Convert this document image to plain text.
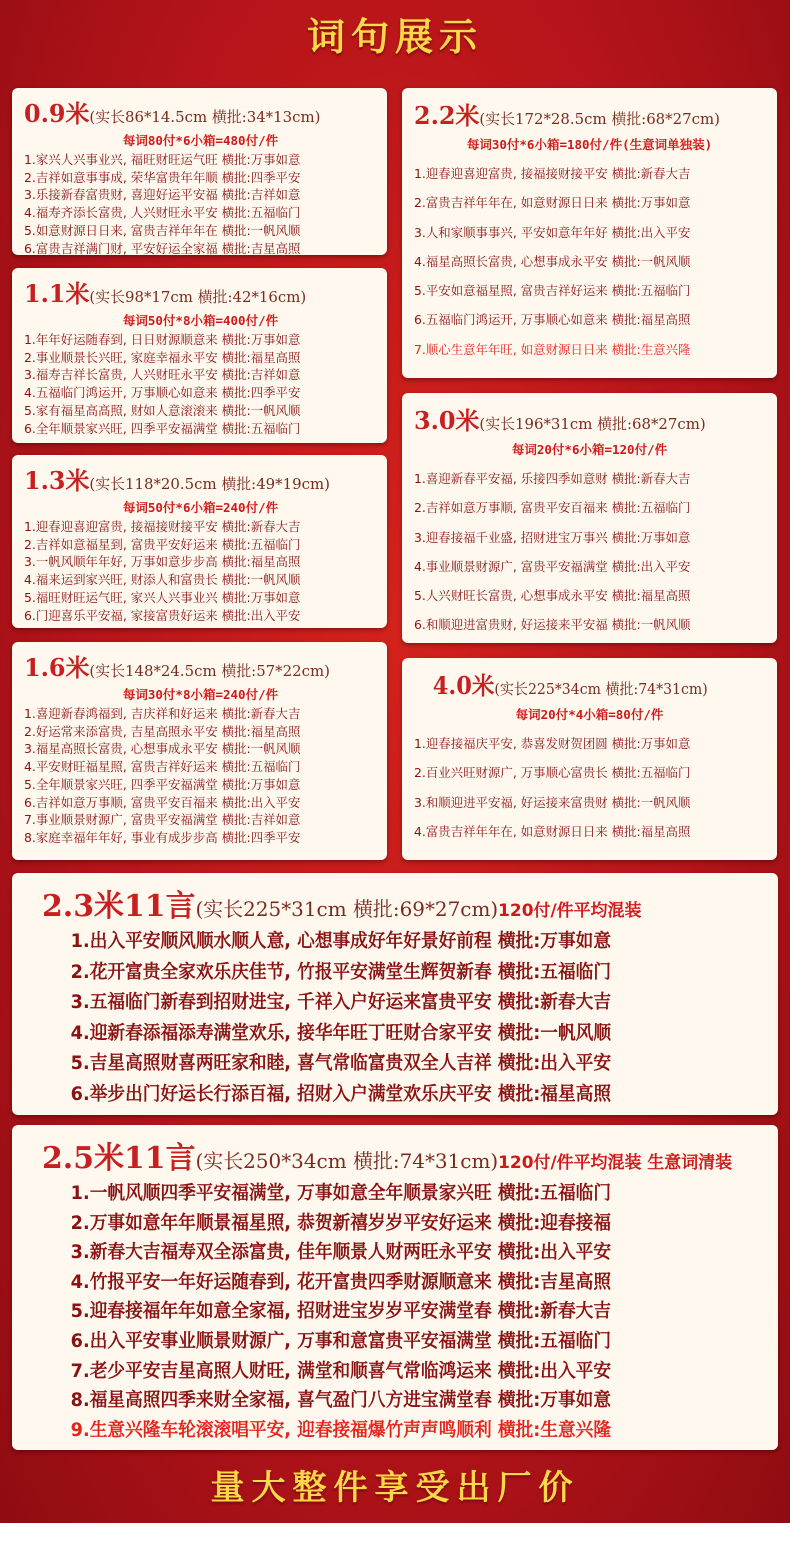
词句展示
0.9米(实长86*14.5cm 横批:34*13cm)
每词80付*6小箱=480付/件
1.家兴人兴事业兴, 福旺财旺运气旺 横批:万事如意
2.吉祥如意事事成, 荣华富贵年年顺 横批:四季平安
3.乐接新春富贵财, 喜迎好运平安福 横批:吉祥如意
4.福寿齐添长富贵, 人兴财旺永平安 横批:五福临门
5.如意财源日日来, 富贵吉祥年年在 横批:一帆风顺
6.富贵吉祥满门财, 平安好运全家福 横批:吉星高照
1.1米(实长98*17cm 横批:42*16cm)
每词50付*8小箱=400付/件
1.年年好运随春到, 日日财源顺意来 横批:万事如意
2.事业顺景长兴旺, 家庭幸福永平安 横批:福星高照
3.福寿吉祥长富贵, 人兴财旺永平安 横批:吉祥如意
4.五福临门鸿运开, 万事顺心如意来 横批:四季平安
5.家有福星高高照, 财如人意滚滚来 横批:一帆风顺
6.全年顺景家兴旺, 四季平安福满堂 横批:五福临门
1.3米(实长118*20.5cm 横批:49*19cm)
每词50付*6小箱=240付/件
1.迎春迎喜迎富贵, 接福接财接平安 横批:新春大吉
2.吉祥如意福星到, 富贵平安好运来 横批:五福临门
3.一帆风顺年年好, 万事如意步步高 横批:福星高照
4.福来运到家兴旺, 财添人和富贵长 横批:一帆风顺
5.福旺财旺运气旺, 家兴人兴事业兴 横批:万事如意
6.门迎喜乐平安福, 家接富贵好运来 横批:出入平安
1.6米(实长148*24.5cm 横批:57*22cm)
每词30付*8小箱=240付/件
1.喜迎新春鸿福到, 吉庆祥和好运来 横批:新春大吉
2.好运常来添富贵, 吉星高照永平安 横批:福星高照
3.福星高照长富贵, 心想事成永平安 横批:一帆风顺
4.平安财旺福星照, 富贵吉祥好运来 横批:五福临门
5.全年顺景家兴旺, 四季平安福满堂 横批:万事如意
6.吉祥如意万事顺, 富贵平安百福来 横批:出入平安
7.事业顺景财源广, 富贵平安福满堂 横批:吉祥如意
8.家庭幸福年年好, 事业有成步步高 横批:四季平安
2.2米(实长172*28.5cm 横批:68*27cm)
每词30付*6小箱=180付/件(生意词单独装)
1.迎春迎喜迎富贵, 接福接财接平安 横批:新春大吉
2.富贵吉祥年年在, 如意财源日日来 横批:万事如意
3.人和家顺事事兴, 平安如意年年好 横批:出入平安
4.福星高照长富贵, 心想事成永平安 横批:一帆风顺
5.平安如意福星照, 富贵吉祥好运来 横批:五福临门
6.五福临门鸿运开, 万事顺心如意来 横批:福星高照
7.顺心生意年年旺, 如意财源日日来 横批:生意兴隆
3.0米(实长196*31cm 横批:68*27cm)
每词20付*6小箱=120付/件
1.喜迎新春平安福, 乐接四季如意财 横批:新春大吉
2.吉祥如意万事顺, 富贵平安百福来 横批:五福临门
3.迎春接福千业盛, 招财进宝万事兴 横批:万事如意
4.事业顺景财源广, 富贵平安福满堂 横批:出入平安
5.人兴财旺长富贵, 心想事成永平安 横批:福星高照
6.和顺迎进富贵财, 好运接来平安福 横批:一帆风顺
4.0米(实长225*34cm 横批:74*31cm)
每词20付*4小箱=80付/件
1.迎春接福庆平安, 恭喜发财贺团圆 横批:万事如意
2.百业兴旺财源广, 万事顺心富贵长 横批:五福临门
3.和顺迎进平安福, 好运接来富贵财 横批:一帆风顺
4.富贵吉祥年年在, 如意财源日日来 横批:福星高照
2.3米11言(实长225*31cm 横批:69*27cm)120付/件平均混装
1.出入平安顺风顺水顺人意, 心想事成好年好景好前程 横批:万事如意
2.花开富贵全家欢乐庆佳节, 竹报平安满堂生辉贺新春 横批:五福临门
3.五福临门新春到招财进宝, 千祥入户好运来富贵平安 横批:新春大吉
4.迎新春添福添寿满堂欢乐, 接华年旺丁旺财合家平安 横批:一帆风顺
5.吉星高照财喜两旺家和睦, 喜气常临富贵双全人吉祥 横批:出入平安
6.举步出门好运长行添百福, 招财入户满堂欢乐庆平安 横批:福星高照
2.5米11言(实长250*34cm 横批:74*31cm)120付/件平均混装 生意词清装
1.一帆风顺四季平安福满堂, 万事如意全年顺景家兴旺 横批:五福临门
2.万事如意年年顺景福星照, 恭贺新禧岁岁平安好运来 横批:迎春接福
3.新春大吉福寿双全添富贵, 佳年顺景人财两旺永平安 横批:出入平安
4.竹报平安一年好运随春到, 花开富贵四季财源顺意来 横批:吉星高照
5.迎春接福年年如意全家福, 招财进宝岁岁平安满堂春 横批:新春大吉
6.出入平安事业顺景财源广, 万事和意富贵平安福满堂 横批:五福临门
7.老少平安吉星高照人财旺, 满堂和顺喜气常临鸿运来 横批:出入平安
8.福星高照四季来财全家福, 喜气盈门八方进宝满堂春 横批:万事如意
9.生意兴隆车轮滚滚唱平安, 迎春接福爆竹声声鸣顺利 横批:生意兴隆
量大整件享受出厂价
